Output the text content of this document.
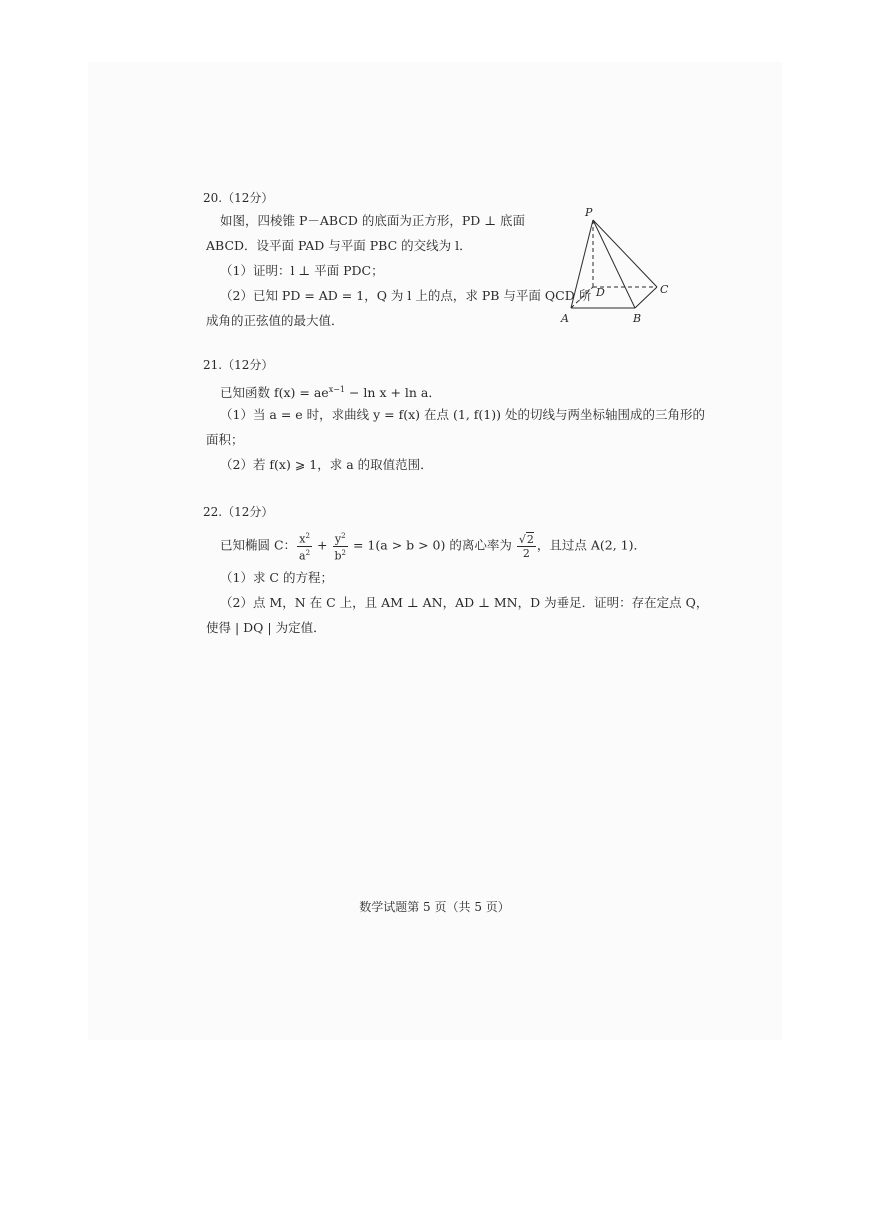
20.（12分）
如图，四棱锥 P－ABCD 的底面为正方形，PD ⊥ 底面
ABCD．设平面 PAD 与平面 PBC 的交线为 l．
（1）证明：l ⊥ 平面 PDC；
（2）已知 PD = AD = 1，Q 为 l 上的点，求 PB 与平面 QCD 所
成角的正弦值的最大值．
P
D	C
A	B
21.（12分）
已知函数 $f(x) = ae^{x-1} - \ln x + \ln a$．
（1）当 a = e 时，求曲线 y = f(x) 在点 (1, f(1)) 处的切线与两坐标轴围成的三角形的
面积；
（2）若 f(x) ⩾ 1，求 a 的取值范围．
22.（12分）
已知椭圆 C： $\frac{x^2}{a^2} + \frac{y^2}{b^2} = 1(a > b > 0)$ 的离心率为 $\frac{√2}{2}$ ，且过点 A(2, 1)．
（1）求 C 的方程；
（2）点 M，N 在 C 上，且 AM ⊥ AN，AD ⊥ MN，D 为垂足．证明：存在定点 Q，
使得 | DQ | 为定值．
数学试题第 5 页（共 5 页）
